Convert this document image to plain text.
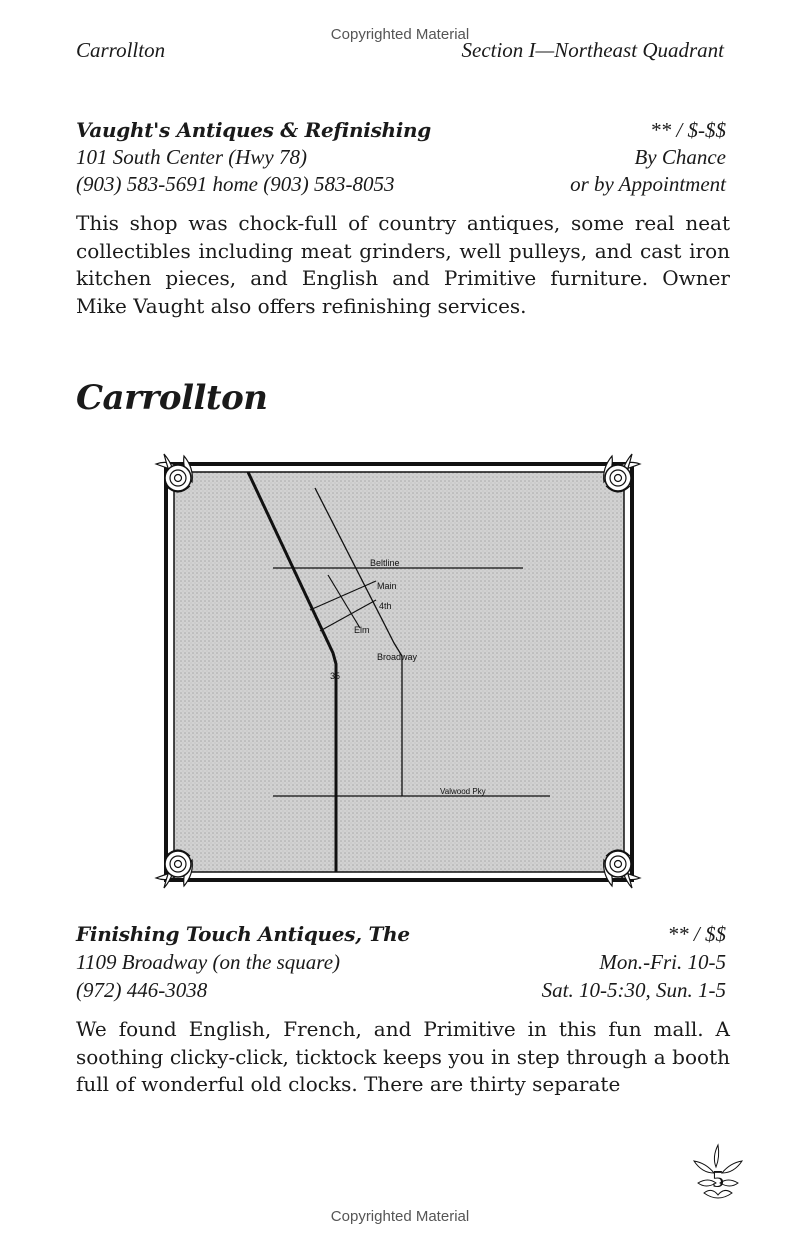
Copyrighted Material
Carrollton	Section I—Northeast Quadrant
Vaught's Antiques & Refinishing	** / $-$$
101 South Center (Hwy 78)	By Chance
(903) 583-5691 home (903) 583-8053	or by Appointment
This shop was chock-full of country antiques, some real neat collectibles including meat grinders, well pulleys, and cast iron kitchen pieces, and English and Primitive furniture. Owner Mike Vaught also offers refinishing services.
Carrollton
Beltline
Main
4th
Elm
Broadway
35
Valwood Pky
Finishing Touch Antiques, The	** / $$
1109 Broadway (on the square)	Mon.-Fri. 10-5
(972) 446-3038	Sat. 10-5:30, Sun. 1-5
We found English, French, and Primitive in this fun mall. A soothing clicky-click, ticktock keeps you in step through a booth full of wonderful old clocks. There are thirty separate
5
Copyrighted Material
